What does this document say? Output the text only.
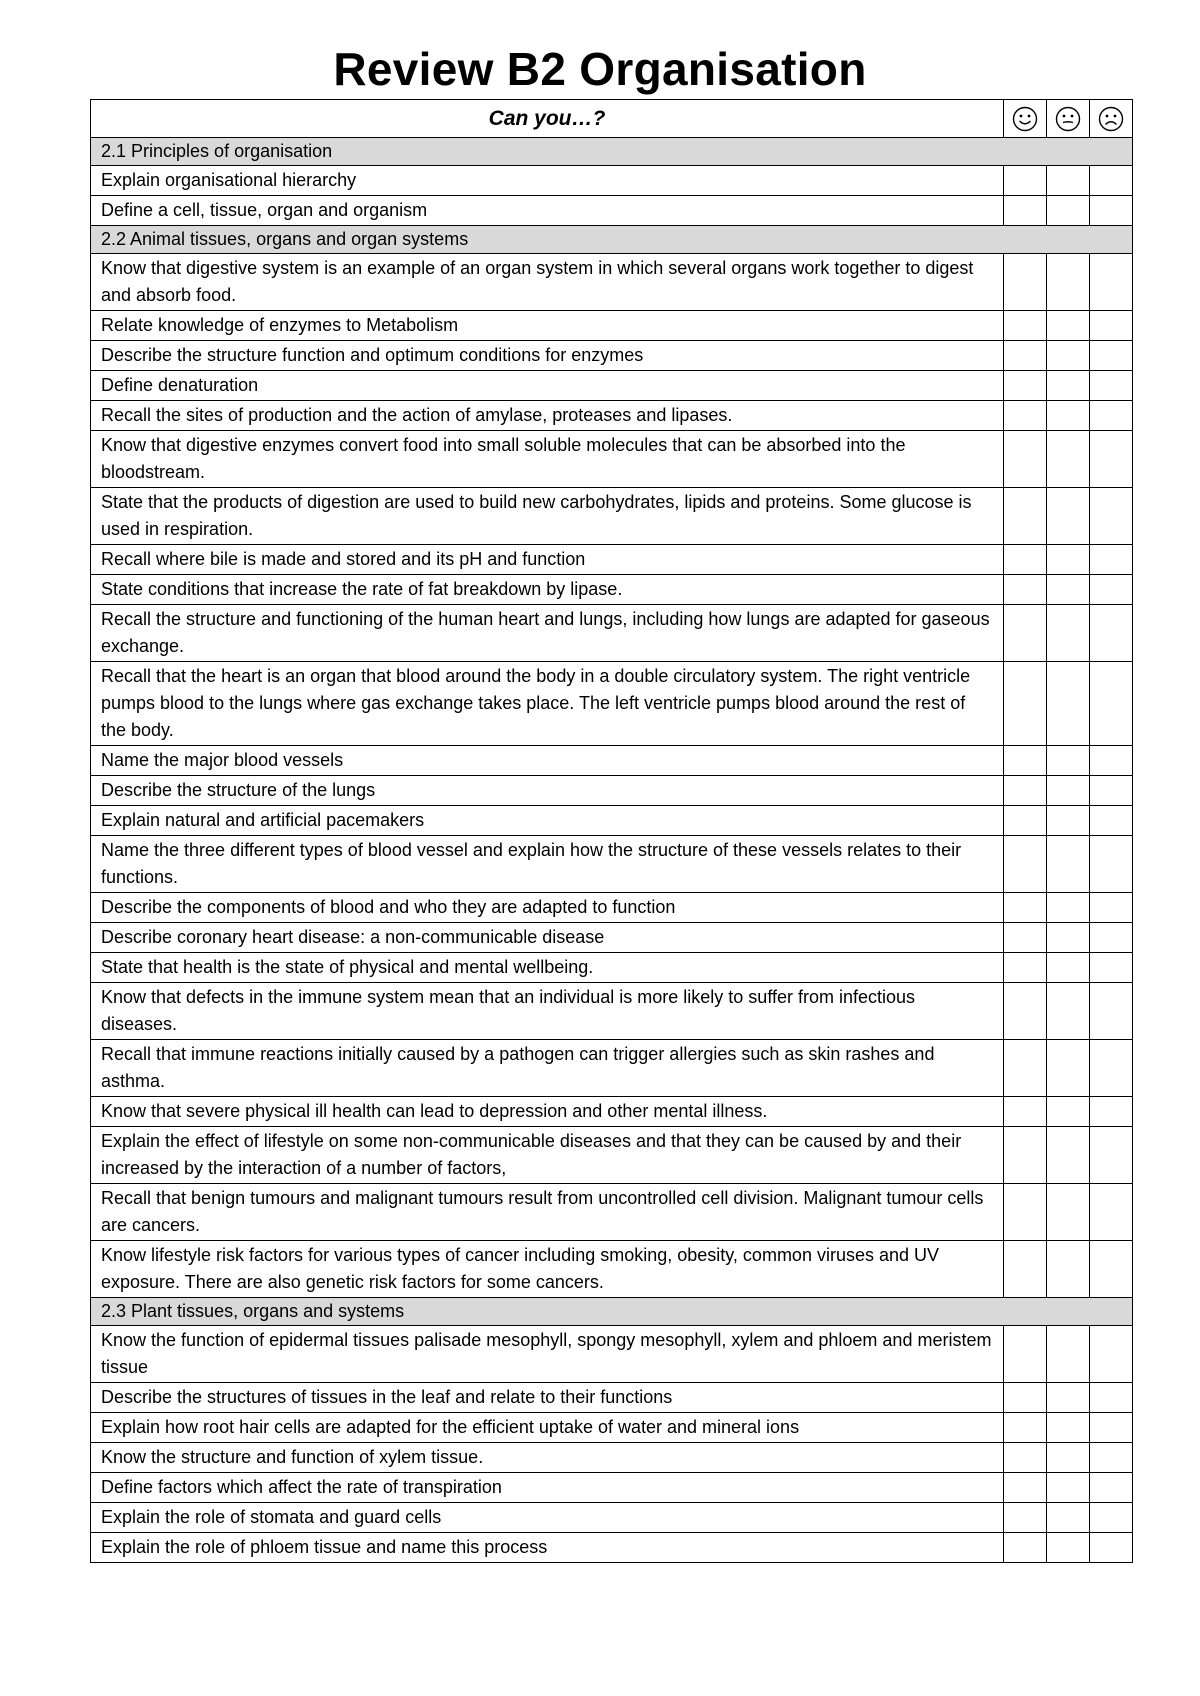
Review B2 Organisation
Can you…?			
2.1 Principles of organisation			
Explain organisational hierarchy			
Define a cell, tissue, organ and organism			
2.2 Animal tissues, organs and organ systems			
Know that digestive system is an example of an organ system in which several organs work together to digest and absorb food.			
Relate knowledge of enzymes to Metabolism			
Describe the structure function and optimum conditions for enzymes			
Define denaturation			
Recall the sites of production and the action of amylase, proteases and lipases.			
Know that digestive enzymes convert food into small soluble molecules that can be absorbed into the bloodstream.			
State that the products of digestion are used to build new carbohydrates, lipids and proteins. Some glucose is used in respiration.			
Recall where bile is made and stored and its pH and function			
State conditions that increase the rate of fat breakdown by lipase.			
Recall the structure and functioning of the human heart and lungs, including how lungs are adapted for gaseous exchange.			
Recall that the heart is an organ that blood around the body in a double circulatory system. The right ventricle pumps blood to the lungs where gas exchange takes place. The left ventricle pumps blood around the rest of the body.			
Name the major blood vessels			
Describe the structure of the lungs			
Explain natural and artificial pacemakers			
Name the three different types of blood vessel and explain how the structure of these vessels relates to their functions.			
Describe the components of blood and who they are adapted to function			
Describe coronary heart disease: a non-communicable disease			
State that health is the state of physical and mental wellbeing.			
Know that defects in the immune system mean that an individual is more likely to suffer from infectious diseases.			
Recall that immune reactions initially caused by a pathogen can trigger allergies such as skin rashes and asthma.			
Know that severe physical ill health can lead to depression and other mental illness.			
Explain the effect of lifestyle on some non-communicable diseases and that they can be caused by and their increased by the interaction of a number of factors,			
Recall that benign tumours and malignant tumours result from uncontrolled cell division. Malignant tumour cells are cancers.			
Know lifestyle risk factors for various types of cancer including smoking, obesity, common viruses and UV exposure. There are also genetic risk factors for some cancers.			
2.3 Plant tissues, organs and systems			
Know the function of epidermal tissues palisade mesophyll, spongy mesophyll, xylem and phloem and meristem tissue			
Describe the structures of tissues in the leaf and relate to their functions			
Explain how root hair cells are adapted for the efficient uptake of water and mineral ions			
Know the structure and function of xylem tissue.			
Define factors which affect the rate of transpiration			
Explain the role of stomata and guard cells			
Explain the role of phloem tissue and name this process			
